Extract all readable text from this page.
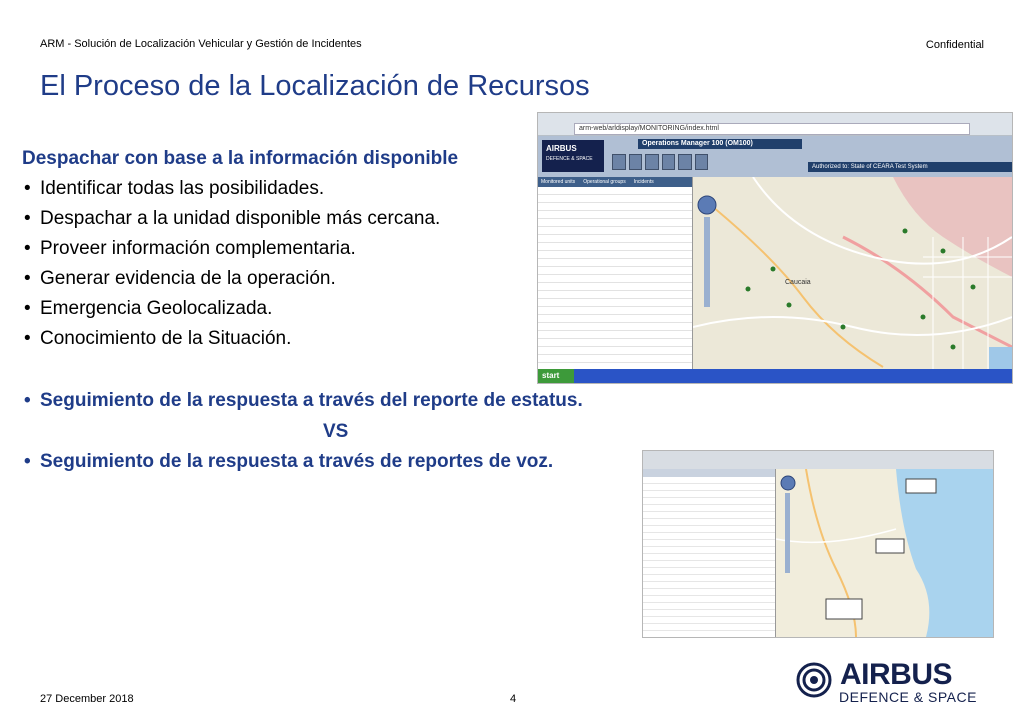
ARM - Solución de Localización Vehicular y Gestión de Incidentes	Confidential
El Proceso de la Localización de Recursos
Despachar con base a la información disponible
• Identificar todas las posibilidades.
• Despachar a la unidad disponible más cercana.
• Proveer información complementaria.
• Generar evidencia de la operación.
• Emergencia Geolocalizada.
• Conocimiento de la Situación.
• Seguimiento de la respuesta a través del reporte de estatus.
VS
• Seguimiento de la respuesta a través de reportes de voz.
arm-web/arldisplay/MONITORING/index.html
AIRBUS
DEFENCE & SPACE
Operations Manager 100 (OM100)
Authorized to: State of CEARA Test System
Monitored units Operational groups Incidents
Caucaia
start
27 December 2018	4
AIRBUS
DEFENCE & SPACE
